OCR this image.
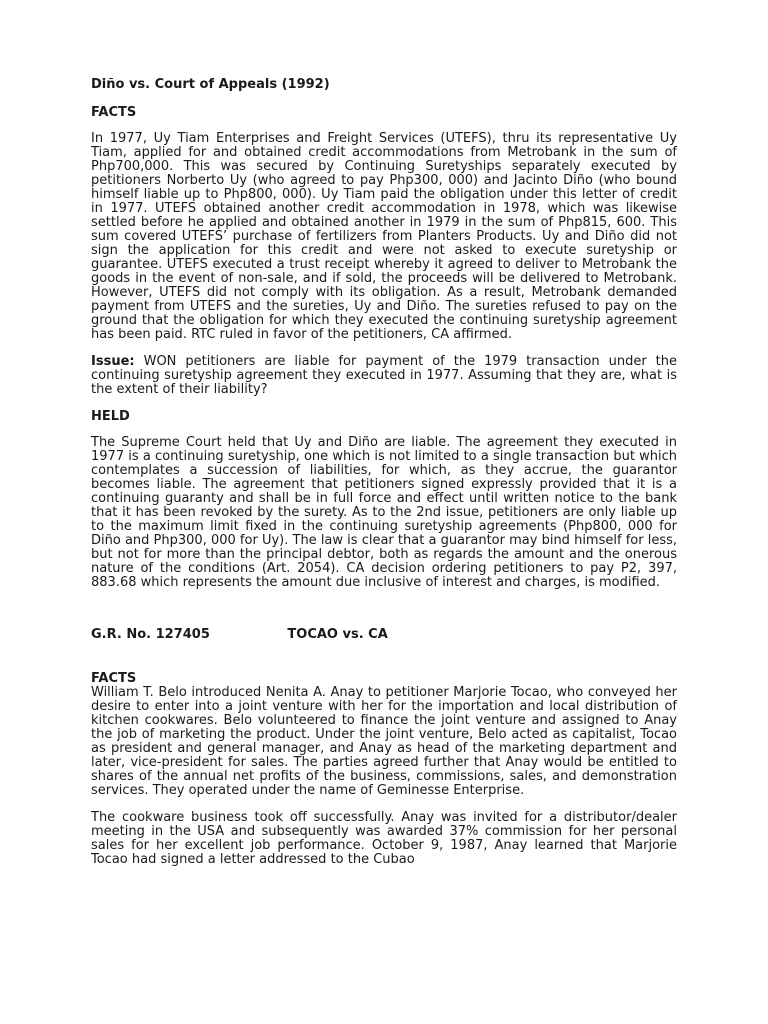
Diño vs. Court of Appeals (1992)
FACTS

In 1977, Uy Tiam Enterprises and Freight Services (UTEFS), thru its representative Uy Tiam, applied for and obtained credit accommodations from Metrobank in the sum of Php700,000. This was secured by Continuing Suretyships separately executed by petitioners Norberto Uy (who agreed to pay Php300, 000) and Jacinto Diño (who bound himself liable up to Php800, 000). Uy Tiam paid the obligation under this letter of credit in 1977. UTEFS obtained another credit accommodation in 1978, which was likewise settled before he applied and obtained another in 1979 in the sum of Php815, 600. This sum covered UTEFS’ purchase of fertilizers from Planters Products. Uy and Diño did not sign the application for this credit and were not asked to execute suretyship or guarantee. UTEFS executed a trust receipt whereby it agreed to deliver to Metrobank the goods in the event of non-sale, and if sold, the proceeds will be delivered to Metrobank. However, UTEFS did not comply with its obligation. As a result, Metrobank demanded payment from UTEFS and the sureties, Uy and Diño. The sureties refused to pay on the ground that the obligation for which they executed the continuing suretyship agreement has been paid. RTC ruled in favor of the petitioners, CA affirmed.

Issue: WON petitioners are liable for payment of the 1979 transaction under the continuing suretyship agreement they executed in 1977. Assuming that they are, what is the extent of their liability?

HELD

The Supreme Court held that Uy and Diño are liable. The agreement they executed in 1977 is a continuing suretyship, one which is not limited to a single transaction but which contemplates a succession of liabilities, for which, as they accrue, the guarantor becomes liable. The agreement that petitioners signed expressly provided that it is a continuing guaranty and shall be in full force and effect until written notice to the bank that it has been revoked by the surety. As to the 2nd issue, petitioners are only liable up to the maximum limit fixed in the continuing suretyship agreements (Php800, 000 for Diño and Php300, 000 for Uy). The law is clear that a guarantor may bind himself for less, but not for more than the principal debtor, both as regards the amount and the onerous nature of the conditions (Art. 2054). CA decision ordering petitioners to pay P2, 397, 883.68 which represents the amount due inclusive of interest and charges, is modified.

G.R. No. 127405	TOCAO vs. CA
FACTS

William T. Belo introduced Nenita A. Anay to petitioner Marjorie Tocao, who conveyed her desire to enter into a joint venture with her for the importation and local distribution of kitchen cookwares. Belo volunteered to finance the joint venture and assigned to Anay the job of marketing the product. Under the joint venture, Belo acted as capitalist, Tocao as president and general manager, and Anay as head of the marketing department and later, vice-president for sales. The parties agreed further that Anay would be entitled to shares of the annual net profits of the business, commissions, sales, and demonstration services. They operated under the name of Geminesse Enterprise.

The cookware business took off successfully. Anay was invited for a distributor/dealer meeting in the USA and subsequently was awarded 37% commission for her personal sales for her excellent job performance. October 9, 1987, Anay learned that Marjorie Tocao had signed a letter addressed to the Cubao
